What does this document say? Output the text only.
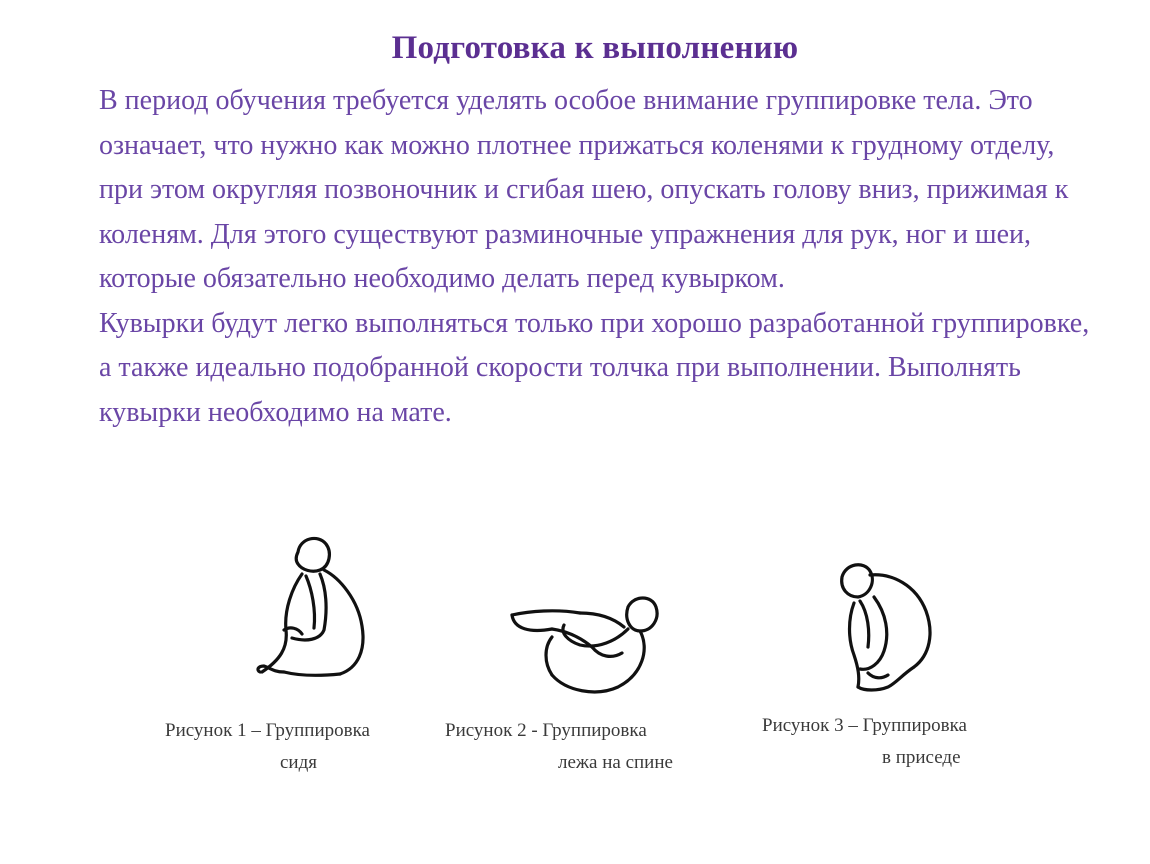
Подготовка к выполнению

В период обучения требуется уделять особое внимание группировке тела. Это означает, что нужно как можно плотнее прижаться коленями к грудному отделу, при этом округляя позвоночник и сгибая шею, опускать голову вниз, прижимая к коленям. Для этого существуют разминочные упражнения для рук, ног и шеи, которые обязательно необходимо делать перед кувырком.

Кувырки будут легко выполняться только при хорошо разработанной группировке, а также идеально подобранной скорости толчка при выполнении. Выполнять кувырки необходимо на мате.

Рисунок 1 – Группировка
сидя
Рисунок 2 - Группировка
лежа на спине
Рисунок 3 – Группировка
в приседе
